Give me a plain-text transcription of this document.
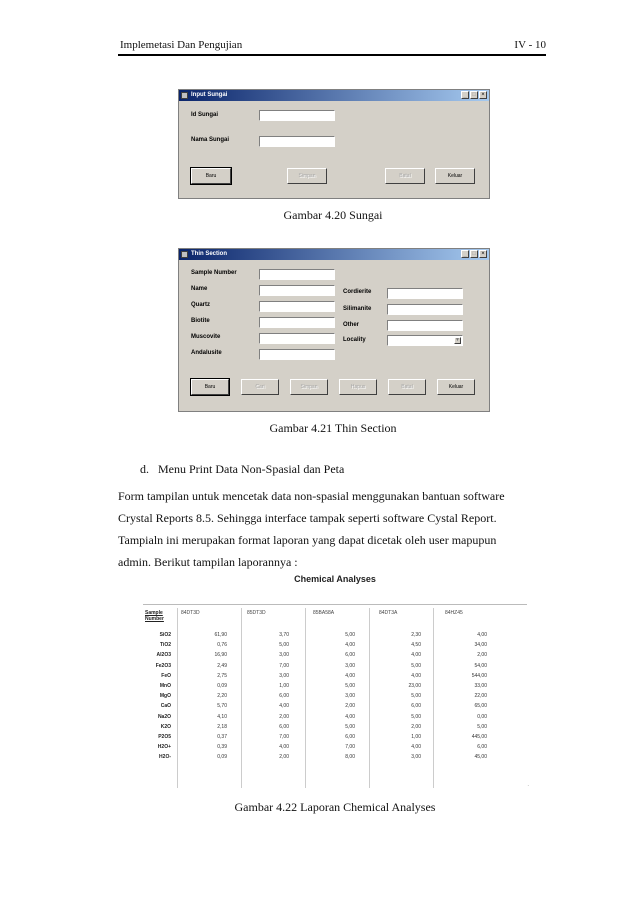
Implemetasi Dan Pengujian	IV - 10
Input Sungai	_ □ ×
Id Sungai
Nama Sungai
Baru	Simpan	Batal	Keluar
Gambar 4.20 Sungai
Thin Section	_ □ ×
Sample Number
Name
Quartz
Biotite
Muscovite
Andalusite
Cordierite
Silimanite
Other
Locality	▼
Baru	Cari	Simpan	Hapus	Batal	Keluar
Gambar 4.21 Thin Section
d.   Menu Print Data Non-Spasial dan Peta
Form tampilan untuk mencetak data non-spasial menggunakan bantuan software
Crystal Reports 8.5. Sehingga interface tampak seperti software Cystal Report.
Tampialn ini merupakan format laporan yang dapat dicetak oleh user mapupun
admin. Berikut tampilan laporannya :
Chemical Analyses
Sample Number	84DT3D	85DT3D	85BA58A	84DT3A	84HZ45
SiO2	61,90	3,70	5,00	2,30	4,00
TiO2	0,76	5,00	4,00	4,50	34,00
Al2O3	16,90	3,00	6,00	4,00	2,00
Fe2O3	2,49	7,00	3,00	5,00	54,00
FeO	2,75	3,00	4,00	4,00	544,00
MnO	0,09	1,00	5,00	23,00	33,00
MgO	2,20	6,00	3,00	5,00	22,00
CaO	5,70	4,00	2,00	6,00	65,00
Na2O	4,10	2,00	4,00	5,00	0,00
K2O	2,18	6,00	5,00	2,00	5,00
P2O5	0,37	7,00	6,00	1,00	445,00
H2O+	0,39	4,00	7,00	4,00	6,00
H2O-	0,09	2,00	8,00	3,00	45,00
.
Gambar 4.22 Laporan Chemical Analyses
